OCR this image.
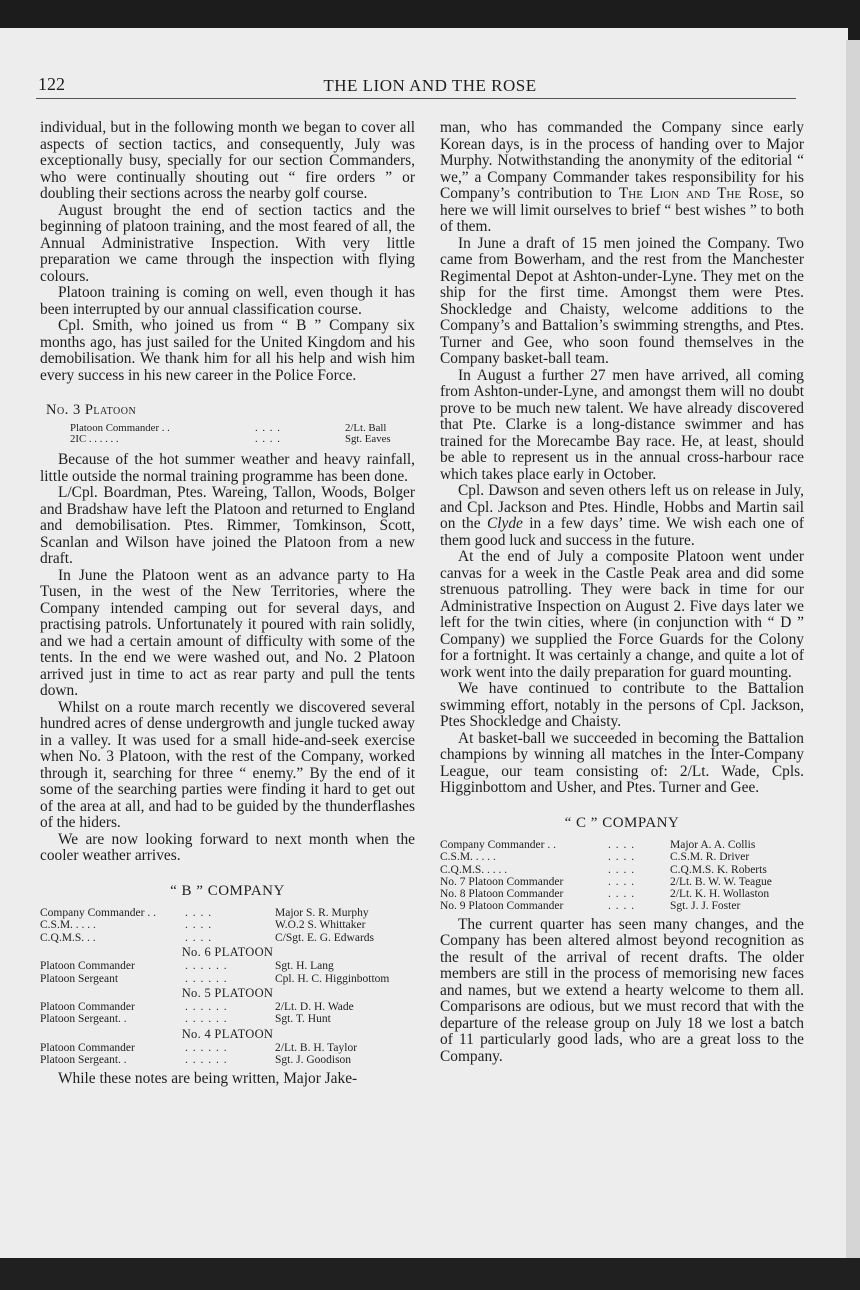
122	THE LION AND THE ROSE

individual, but in the following month we began to cover all aspects of section tactics, and consequently, July was exceptionally busy, specially for our section Commanders, who were continually shouting out “ fire orders ” or doubling their sections across the nearby golf course.

August brought the end of section tactics and the beginning of platoon training, and the most feared of all, the Annual Administrative Inspection. With very little preparation we came through the inspection with flying colours.

Platoon training is coming on well, even though it has been interrupted by our annual classification course.

Cpl. Smith, who joined us from “ B ” Company six months ago, has just sailed for the United Kingdom and his demobilisation. We thank him for all his help and wish him every success in his new career in the Police Force.

No. 3 Platoon
Platoon Commander . .	. . . .	2/Lt. Ball
2IC . . . . . .	. . . .	Sgt. Eaves

Because of the hot summer weather and heavy rainfall, little outside the normal training programme has been done.

L/Cpl. Boardman, Ptes. Wareing, Tallon, Woods, Bolger and Bradshaw have left the Platoon and returned to England and demobilisation. Ptes. Rimmer, Tomkinson, Scott, Scanlan and Wilson have joined the Platoon from a new draft.

In June the Platoon went as an advance party to Ha Tusen, in the west of the New Territories, where the Company intended camping out for several days, and practising patrols. Unfortunately it poured with rain solidly, and we had a certain amount of difficulty with some of the tents. In the end we were washed out, and No. 2 Platoon arrived just in time to act as rear party and pull the tents down.

Whilst on a route march recently we discovered several hundred acres of dense undergrowth and jungle tucked away in a valley. It was used for a small hide-and-seek exercise when No. 3 Platoon, with the rest of the Company, worked through it, searching for three “ enemy.” By the end of it some of the searching parties were finding it hard to get out of the area at all, and had to be guided by the thunderflashes of the hiders.

We are now looking forward to next month when the cooler weather arrives.

“ B ” COMPANY
Company Commander . .	. . . .	Major S. R. Murphy
C.S.M. . . . .	. . . .	W.O.2 S. Whittaker
C.Q.M.S. . .	. . . .	C/Sgt. E. G. Edwards
No. 6 PLATOON
Platoon Commander	. . . . . .	Sgt. H. Lang
Platoon Sergeant	. . . . . .	Cpl. H. C. Higginbottom
No. 5 PLATOON
Platoon Commander	. . . . . .	2/Lt. D. H. Wade
Platoon Sergeant. .	. . . . . .	Sgt. T. Hunt
No. 4 PLATOON
Platoon Commander	. . . . . .	2/Lt. B. H. Taylor
Platoon Sergeant. .	. . . . . .	Sgt. J. Goodison

While these notes are being written, Major Jake-

man, who has commanded the Company since early Korean days, is in the process of handing over to Major Murphy. Notwithstanding the anonymity of the editorial “ we,” a Company Commander takes responsibility for his Company’s contribution to The Lion and The Rose, so here we will limit ourselves to brief “ best wishes ” to both of them.

In June a draft of 15 men joined the Company. Two came from Bowerham, and the rest from the Manchester Regimental Depot at Ashton-under-Lyne. They met on the ship for the first time. Amongst them were Ptes. Shockledge and Chaisty, welcome additions to the Company’s and Battalion’s swimming strengths, and Ptes. Turner and Gee, who soon found themselves in the Company basket-ball team.

In August a further 27 men have arrived, all coming from Ashton-under-Lyne, and amongst them will no doubt prove to be much new talent. We have already discovered that Pte. Clarke is a long-distance swimmer and has trained for the Morecambe Bay race. He, at least, should be able to represent us in the annual cross-harbour race which takes place early in October.

Cpl. Dawson and seven others left us on release in July, and Cpl. Jackson and Ptes. Hindle, Hobbs and Martin sail on the Clyde in a few days’ time. We wish each one of them good luck and success in the future.

At the end of July a composite Platoon went under canvas for a week in the Castle Peak area and did some strenuous patrolling. They were back in time for our Administrative Inspection on August 2. Five days later we left for the twin cities, where (in conjunction with “ D ” Company) we supplied the Force Guards for the Colony for a fortnight. It was certainly a change, and quite a lot of work went into the daily preparation for guard mounting.

We have continued to contribute to the Battalion swimming effort, notably in the persons of Cpl. Jackson, Ptes Shockledge and Chaisty.

At basket-ball we succeeded in becoming the Battalion champions by winning all matches in the Inter-Company League, our team consisting of: 2/Lt. Wade, Cpls. Higginbottom and Usher, and Ptes. Turner and Gee.

“ C ” COMPANY
Company Commander . .	. . . .	Major A. A. Collis
C.S.M. . . . .	. . . .	C.S.M. R. Driver
C.Q.M.S. . . . .	. . . .	C.Q.M.S. K. Roberts
No. 7 Platoon Commander	. . . .	2/Lt. B. W. W. Teague
No. 8 Platoon Commander	. . . .	2/Lt. K. H. Wollaston
No. 9 Platoon Commander	. . . .	Sgt. J. J. Foster

The current quarter has seen many changes, and the Company has been altered almost beyond recognition as the result of the arrival of recent drafts. The older members are still in the process of memorising new faces and names, but we extend a hearty welcome to them all. Comparisons are odious, but we must record that with the departure of the release group on July 18 we lost a batch of 11 particularly good lads, who are a great loss to the Company.
